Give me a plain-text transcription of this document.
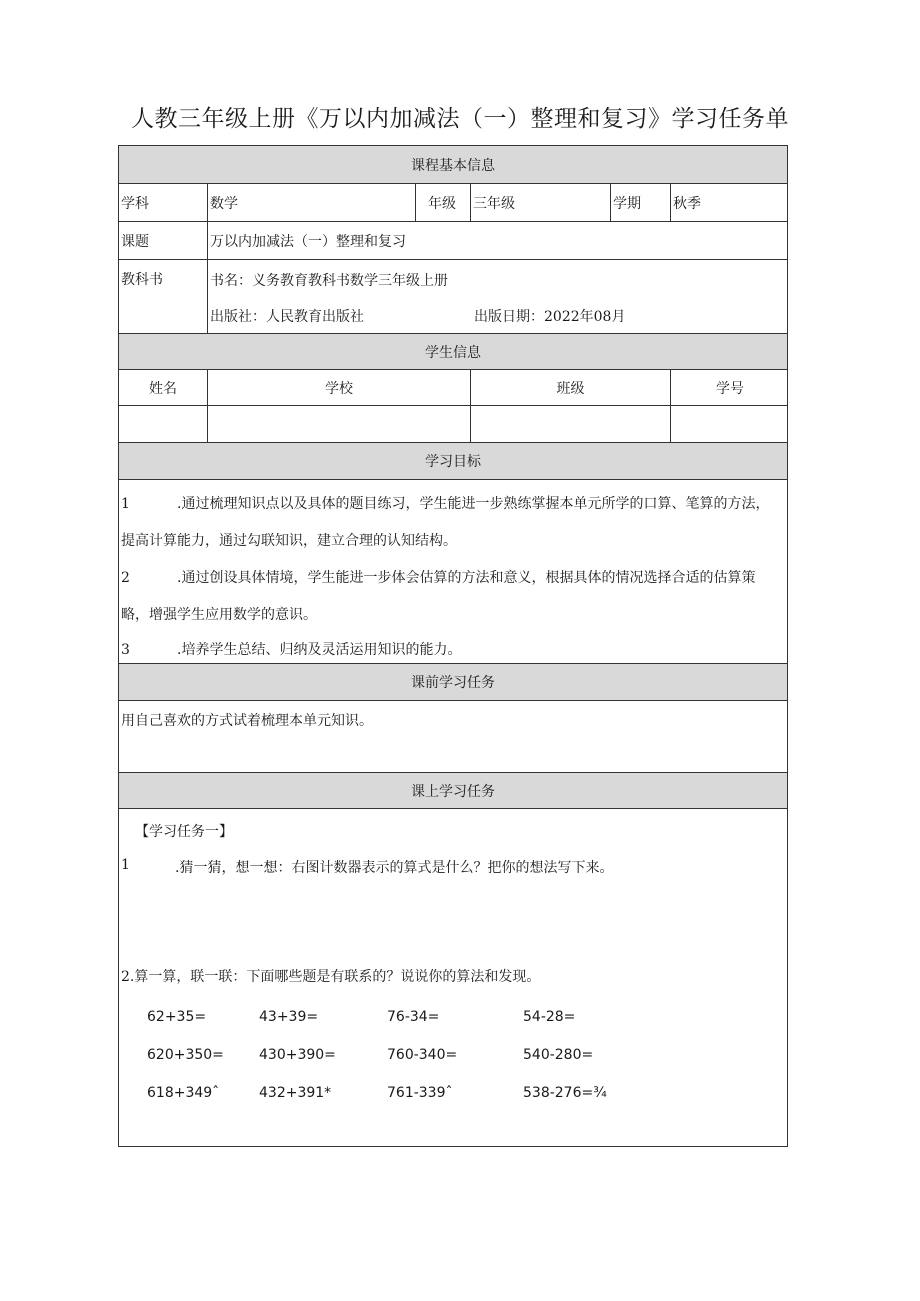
人教三年级上册《万以内加减法（一）整理和复习》学习任务单
课程基本信息
学科	数学	年级	三年级	学期	秋季
课题	万以内加减法（一）整理和复习
教科书	书名：义务教育教科书数学三年级上册
出版社：人民教育出版社	出版日期：2022年08月
学生信息
姓名	学校	班级	学号
学习目标
1	.通过梳理知识点以及具体的题目练习，学生能进一步熟练掌握本单元所学的口算、笔算的方法，提高计算能力，通过勾联知识，建立合理的认知结构。
2	.通过创设具体情境，学生能进一步体会估算的方法和意义，根据具体的情况选择合适的估算策略，增强学生应用数学的意识。
3	.培养学生总结、归纳及灵活运用知识的能力。
课前学习任务
用自己喜欢的方式试着梳理本单元知识。
课上学习任务
【学习任务一】
1	.猜一猜，想一想：右图计数器表示的算式是什么？把你的想法写下来。
2.算一算，联一联：下面哪些题是有联系的？说说你的算法和发现。
62+35=	43+39=	76-34=	54-28=
620+350=	430+390=	760-340=	540-280=
618+349ˆ	432+391*	761-339ˆ	538-276=¾
